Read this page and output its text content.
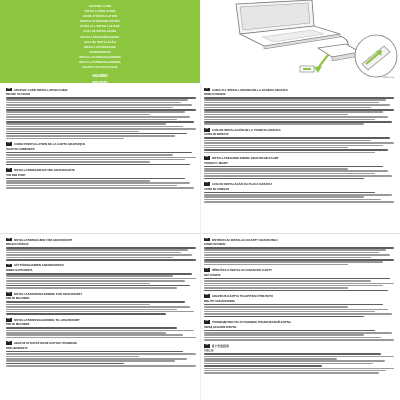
GRAPHIC CARD
INSTALLATION GUIDE
GUIDE D'INSTALLATION
INSTALLATIONSANLEITUNG
GUIDA ALL'INSTALLAZIONE
GUÍA DE INSTALACIÓN
INSTALLATIEHANDLEIDING
GUIA DE INSTALAÇÃO
INSTALLATIONSGUIDE
ASENNUSOPAS
INSTALLASJONSVEILEDNING
INSTALLATIONSVEJLEDNING
ΟΔΗΓΟΣ ΕΓΚΑΤΑΣΤΑΣΗΣ
HD4850
HD4870
LWD20-2.A
GB	GRAPHIC CARD INSTALLATION GUIDE
BEFORE YOU BEGIN
FR	GUIDE D'INSTALLATION DE LA CARTE GRAPHIQUE
AVANT DE COMMENCER
DE	INSTALLATIONSANLEITUNG GRAFIKKARTE
VOR DEM START
IT	GUIDA ALL'INSTALLAZIONE DELLA SCHEDA GRAFICA
PRIMA DI INIZIARE
ES	GUÍA DE INSTALACIÓN DE LA TARJETA GRÁFICA
ANTES DE EMPEZAR
NL	INSTALLATIEHANDLEIDING GRAFISCHE KAART
VOORDAT U BEGINT
PT	GUIA DE INSTALAÇÃO DA PLACA GRÁFICA
ANTES DE COMEÇAR
SE	INSTALLATIONSGUIDE FÖR GRAFIKKORT
INNAN DU BÖRJAR
FI	NÄYTÖNOHJAIMEN ASENNUSOPAS
ENNEN ALOITTAMISTA
NO	INSTALLASJONSVEILEDNING FOR GRAFIKKORT
FØR DU BEGYNNER
DK	INSTALLATIONSVEJLEDNING TIL GRAFIKKORT
FØR DU BEGYNDER
GR	ΟΔΗΓΟΣ ΕΓΚΑΤΑΣΤΑΣΗΣ ΚΑΡΤΑΣ ΓΡΑΦΙΚΩΝ
ΠΡΙΝ ΞΕΚΙΝΗΣΕΤΕ
PL	INSTRUKCJA INSTALACJI KARTY GRAFICZNEJ
ZANIM ZACZNIESZ
CZ	PŘÍRUČKA K INSTALACI GRAFICKÉ KARTY
NEŽ ZAČNETE
HU	GRAFIKUS KÁRTYA TELEPÍTÉSI ÚTMUTATÓ
MIELŐTT HOZZÁKEZDENE
RU	РУКОВОДСТВО ПО УСТАНОВКЕ ГРАФИЧЕСКОЙ КАРТЫ
ПЕРЕД НАЧАЛОМ РАБОТЫ
CN	显卡安装指南
开始之前
